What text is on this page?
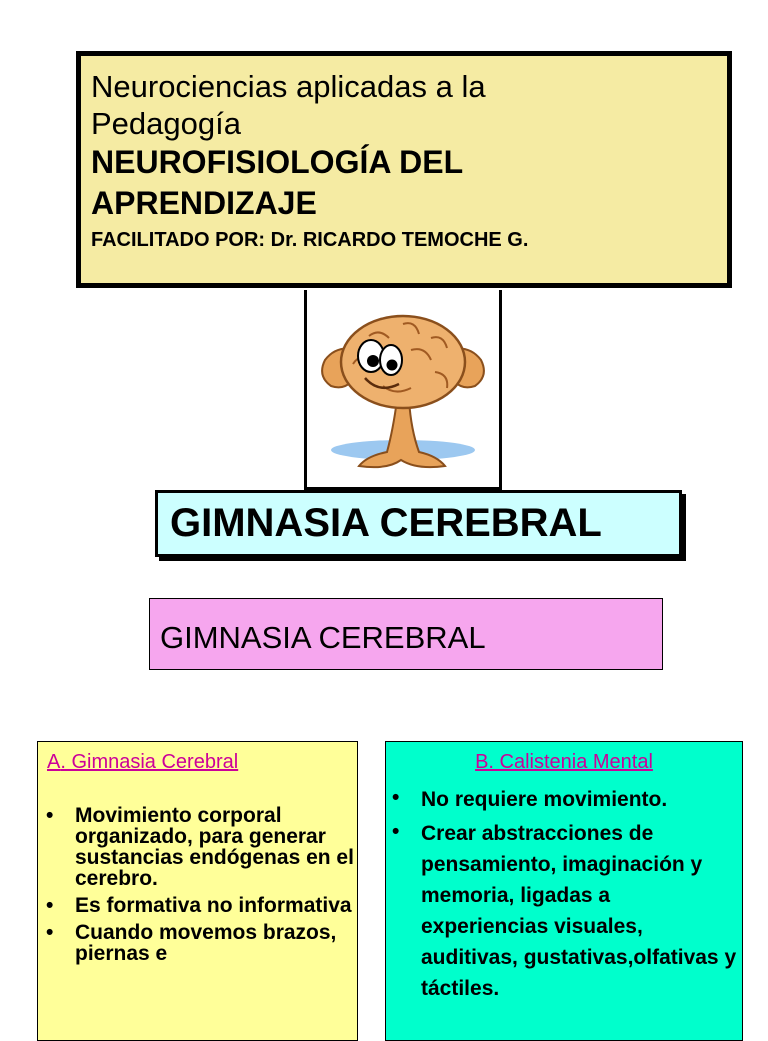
Neurociencias aplicadas a la
Pedagogía
NEUROFISIOLOGÍA DEL
APRENDIZAJE
FACILITADO POR: Dr. RICARDO TEMOCHE G.
GIMNASIA CEREBRAL
GIMNASIA CEREBRAL
A. Gimnasia Cerebral
• Movimiento corporal organizado, para generar sustancias endógenas en el cerebro.
• Es formativa no informativa
• Cuando movemos brazos, piernas e
B. Calistenia Mental
• No requiere movimiento.
• Crear abstracciones de pensamiento, imaginación y memoria, ligadas a experiencias visuales, auditivas, gustativas,olfativas y táctiles.
